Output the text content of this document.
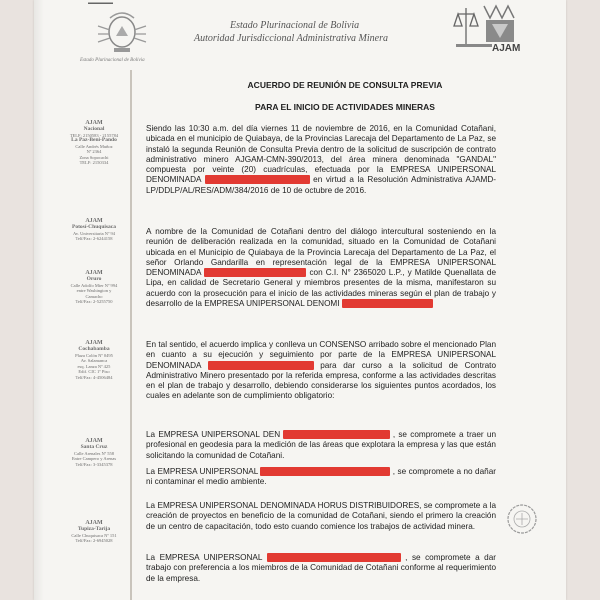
▬▬▬▬▬
Estado Plurinacional de Bolivia
Estado Plurinacional de Bolivia
Autoridad Jurisdiccional Administrativa Minera
AJAM
AJAM
Nacional
TELF: 2150583 - 2155784
La Paz-Beni-Pando
Calle Andrés Muñoz
Nº 2364
Zona Sopocachi
TELF: 2150334
AJAM
Potosí-Chuquisaca
Av. Universitaria Nº 94
Telf/Fax: 2-6244158
AJAM
Oruro
Calle Adolfo Mier Nº 994
entre Washington y
Camacho
Telf/Fax: 2-5255750
AJAM
Cochabamba
Plaza Colón Nº 0495
Av. Salamanca
esq. Lanza Nº 425
Edif. CIC 1º Piso
Telf/Fax: 4-4506484
AJAM
Santa Cruz
Calle Arenales Nº 558
Entre Campero y Arenas
Telf/Fax: 3-3345378
AJAM
Tupiza-Tarija
Calle Chuquisaca Nº 151
Telf/Fax: 2-6945028
ACUERDO DE REUNIÓN DE CONSULTA PREVIA
PARA EL INICIO DE ACTIVIDADES MINERAS

Siendo las 10:30 a.m. del día viernes 11 de noviembre de 2016, en la Comunidad Cotañani, ubicada en el municipio de Quiabaya, de la Provincias Larecaja del Departamento de La Paz, se instaló la segunda Reunión de Consulta Previa dentro de la solicitud de suscripción de contrato administrativo minero AJGAM-CMN-390/2013, del área minera denominada "GANDAL" compuesta por veinte (20) cuadrículas, efectuada por la EMPRESA UNIPERSONAL DENOMINADA	en virtud a la Resolución Administrativa AJAMD-LP/DDLP/AL/RES/ADM/384/2016 de 10 de octubre de 2016.

A nombre de la Comunidad de Cotañani dentro del diálogo intercultural sosteniendo en la reunión de deliberación realizada en la comunidad, situado en la Comunidad de Cotañani ubicada en el Municipio de Quiabaya de la Provincia Larecaja del Departamento de La Paz, el señor Orlando Gandarilla en representación legal de la EMPRESA UNIPERSONAL DENOMINADA	con C.I. N° 2365020 L.P., y Matilde Quenallata de Lipa, en calidad de Secretario General y miembros presentes de la misma, manifestaron su acuerdo con la prosecución para el inicio de las actividades mineras según el plan de trabajo y desarrollo de la EMPRESA UNIPERSONAL DENOMI

En tal sentido, el acuerdo implica y conlleva un CONSENSO arribado sobre el mencionado Plan en cuanto a su ejecución y seguimiento por parte de la EMPRESA UNIPERSONAL DENOMINADA	para dar curso a la solicitud de Contrato Administrativo Minero presentado por la referida empresa, conforme a las actividades descritas en el plan de trabajo y desarrollo, debiendo considerarse los siguientes puntos acordados, los cuales en adelante son de cumplimiento obligatorio:

La EMPRESA UNIPERSONAL DEN	, se compromete a traer un profesional en geodesia para la medición de las áreas que explotara la empresa y las que están solicitando la comunidad de Cotañani.

La EMPRESA UNIPERSONAL	, se compromete a no dañar ni contaminar el medio ambiente.

La EMPRESA UNIPERSONAL DENOMINADA HORUS DISTRIBUIDORES, se compromete a la creación de proyectos en beneficio de la comunidad de Cotañani, siendo el primero la creación de un centro de capacitación, todo esto cuando comience los trabajos de actividad minera.

La EMPRESA UNIPERSONAL	, se compromete a dar trabajo con preferencia a los miembros de la Comunidad de Cotañani conforme al requerimiento de la empresa.
